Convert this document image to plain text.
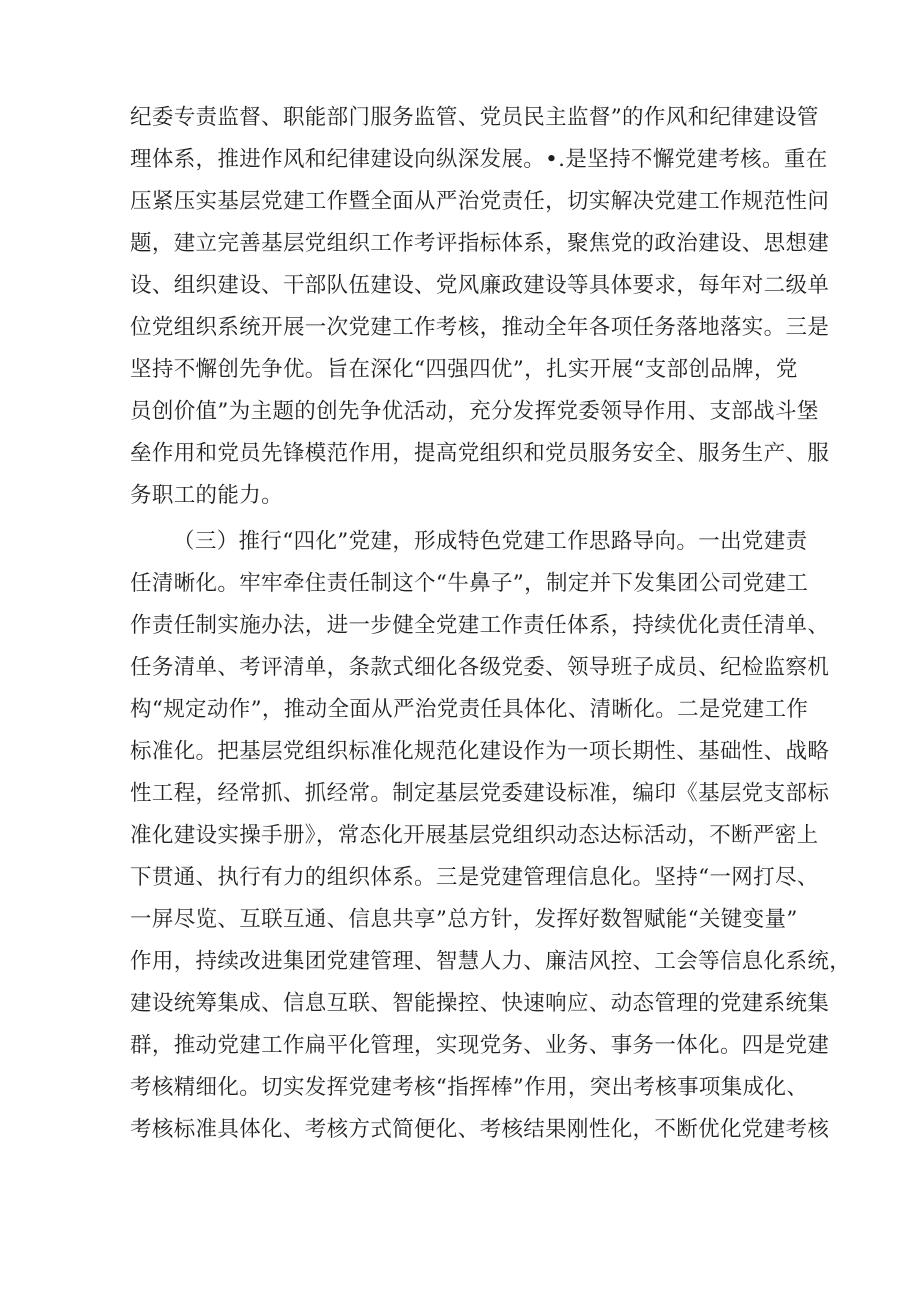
纪委专责监督、职能部门服务监管、党员民主监督”的作风和纪律建设管
理体系，推进作风和纪律建设向纵深发展。•.是坚持不懈党建考核。重在
压紧压实基层党建工作暨全面从严治党责任，切实解决党建工作规范性问
题，建立完善基层党组织工作考评指标体系，聚焦党的政治建设、思想建
设、组织建设、干部队伍建设、党风廉政建设等具体要求，每年对二级单
位党组织系统开展一次党建工作考核，推动全年各项任务落地落实。三是
坚持不懈创先争优。旨在深化“四强四优”，扎实开展“支部创品牌，党
员创价值”为主题的创先争优活动，充分发挥党委领导作用、支部战斗堡
垒作用和党员先锋模范作用，提高党组织和党员服务安全、服务生产、服
务职工的能力。
（三）推行“四化”党建，形成特色党建工作思路导向。一出党建责
任清晰化。牢牢牵住责任制这个“牛鼻子”，制定并下发集团公司党建工
作责任制实施办法，进一步健全党建工作责任体系，持续优化责任清单、
任务清单、考评清单，条款式细化各级党委、领导班子成员、纪检监察机
构“规定动作”，推动全面从严治党责任具体化、清晰化。二是党建工作
标准化。把基层党组织标准化规范化建设作为一项长期性、基础性、战略
性工程，经常抓、抓经常。制定基层党委建设标准，编印《基层党支部标
准化建设实操手册》，常态化开展基层党组织动态达标活动，不断严密上
下贯通、执行有力的组织体系。三是党建管理信息化。坚持“一网打尽、
一屏尽览、互联互通、信息共享”总方针，发挥好数智赋能“关键变量”
作用，持续改进集团党建管理、智慧人力、廉洁风控、工会等信息化系统，
建设统筹集成、信息互联、智能操控、快速响应、动态管理的党建系统集
群，推动党建工作扁平化管理，实现党务、业务、事务一体化。四是党建
考核精细化。切实发挥党建考核“指挥棒”作用，突出考核事项集成化、
考核标准具体化、考核方式简便化、考核结果刚性化，不断优化党建考核
